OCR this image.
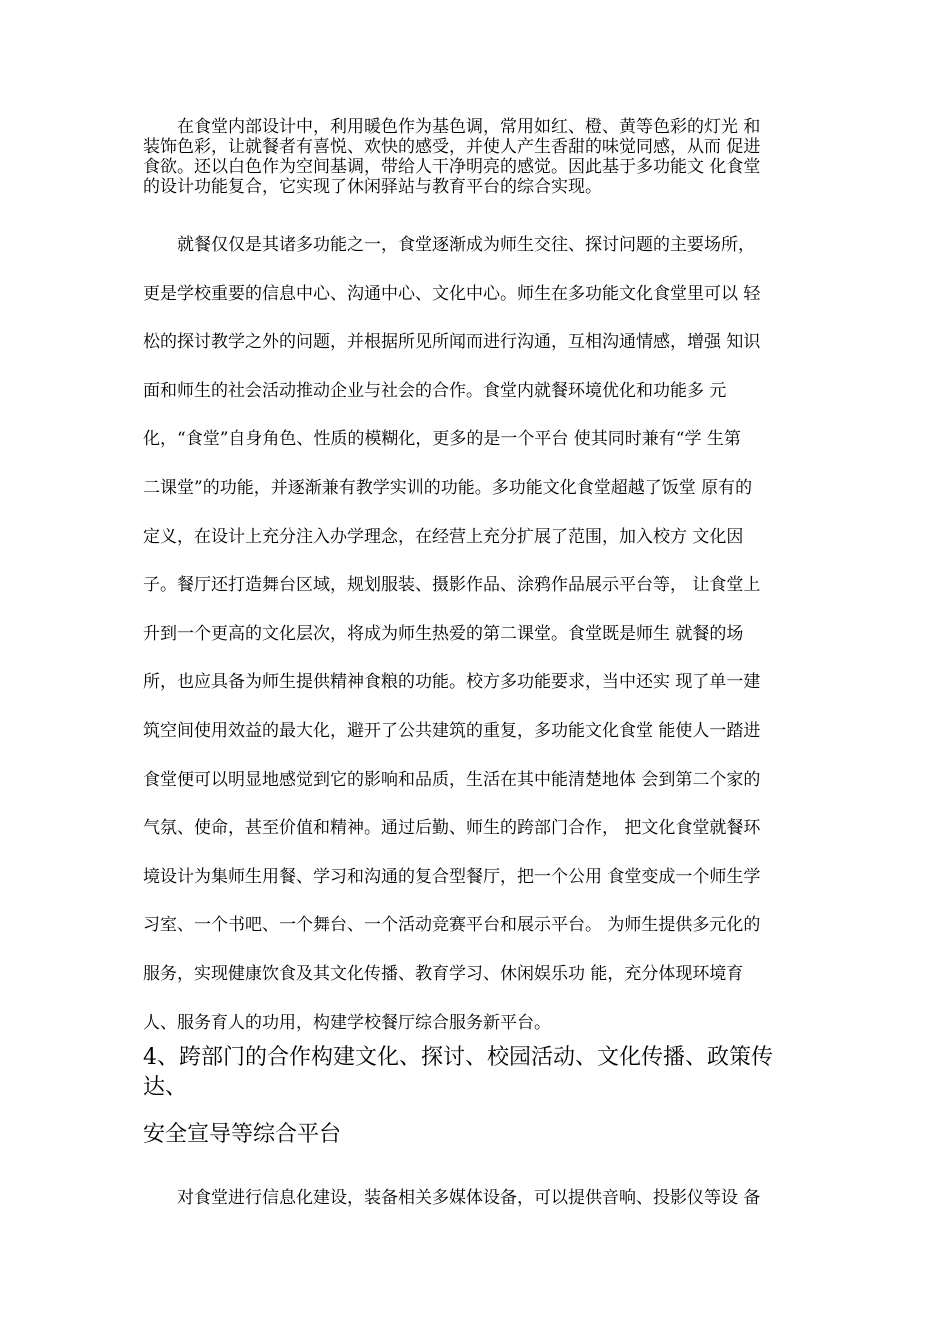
　　在食堂内部设计中，利用暖色作为基色调，常用如红、橙、黄等色彩的灯光 和
装饰色彩，让就餐者有喜悦、欢快的感受，并使人产生香甜的味觉同感，从而 促进
食欲。还以白色作为空间基调，带给人干净明亮的感觉。因此基于多功能文 化食堂
的设计功能复合，它实现了休闲驿站与教育平台的综合实现。
　　就餐仅仅是其诸多功能之一，食堂逐渐成为师生交往、探讨问题的主要场所，
更是学校重要的信息中心、沟通中心、文化中心。师生在多功能文化食堂里可以 轻
松的探讨教学之外的问题，并根据所见所闻而进行沟通，互相沟通情感，增强 知识
面和师生的社会活动推动企业与社会的合作。食堂内就餐环境优化和功能多 元
化，“食堂”自身角色、性质的模糊化，更多的是一个平台 使其同时兼有“学 生第
二课堂”的功能，并逐渐兼有教学实训的功能。多功能文化食堂超越了饭堂 原有的
定义，在设计上充分注入办学理念，在经营上充分扩展了范围，加入校方 文化因
子。餐厅还打造舞台区域，规划服装、摄影作品、涂鸦作品展示平台等， 让食堂上
升到一个更高的文化层次，将成为师生热爱的第二课堂。食堂既是师生 就餐的场
所，也应具备为师生提供精神食粮的功能。校方多功能要求，当中还实 现了单一建
筑空间使用效益的最大化，避开了公共建筑的重复，多功能文化食堂 能使人一踏进
食堂便可以明显地感觉到它的影响和品质，生活在其中能清楚地体 会到第二个家的
气氛、使命，甚至价值和精神。通过后勤、师生的跨部门合作， 把文化食堂就餐环
境设计为集师生用餐、学习和沟通的复合型餐厅，把一个公用 食堂变成一个师生学
习室、一个书吧、一个舞台、一个活动竞赛平台和展示平台。 为师生提供多元化的
服务，实现健康饮食及其文化传播、教育学习、休闲娱乐功 能，充分体现环境育
人、服务育人的功用，构建学校餐厅综合服务新平台。
4、跨部门的合作构建文化、探讨、校园活动、文化传播、政策传
达、
安全宣导等综合平台
　　对食堂进行信息化建设，装备相关多媒体设备，可以提供音响、投影仪等设 备
